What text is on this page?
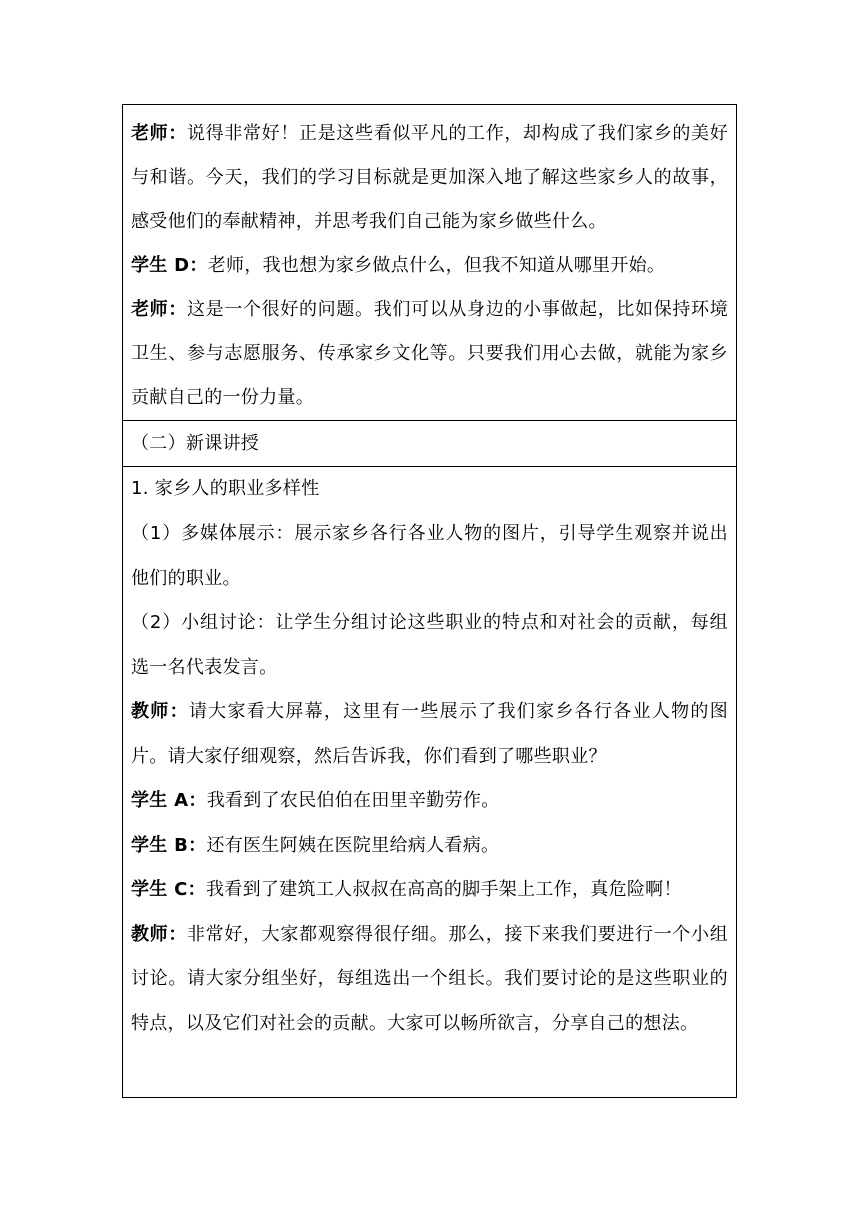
老师：说得非常好！正是这些看似平凡的工作，却构成了我们家乡的美好与和谐。今天，我们的学习目标就是更加深入地了解这些家乡人的故事，感受他们的奉献精神，并思考我们自己能为家乡做些什么。

学生 D：老师，我也想为家乡做点什么，但我不知道从哪里开始。

老师：这是一个很好的问题。我们可以从身边的小事做起，比如保持环境卫生、参与志愿服务、传承家乡文化等。只要我们用心去做，就能为家乡贡献自己的一份力量。

（二）新课讲授

1. 家乡人的职业多样性

（1）多媒体展示：展示家乡各行各业人物的图片，引导学生观察并说出他们的职业。

（2）小组讨论：让学生分组讨论这些职业的特点和对社会的贡献，每组选一名代表发言。

教师：请大家看大屏幕，这里有一些展示了我们家乡各行各业人物的图片。请大家仔细观察，然后告诉我，你们看到了哪些职业？

学生 A：我看到了农民伯伯在田里辛勤劳作。

学生 B：还有医生阿姨在医院里给病人看病。

学生 C：我看到了建筑工人叔叔在高高的脚手架上工作，真危险啊！

教师：非常好，大家都观察得很仔细。那么，接下来我们要进行一个小组讨论。请大家分组坐好，每组选出一个组长。我们要讨论的是这些职业的特点，以及它们对社会的贡献。大家可以畅所欲言，分享自己的想法。
